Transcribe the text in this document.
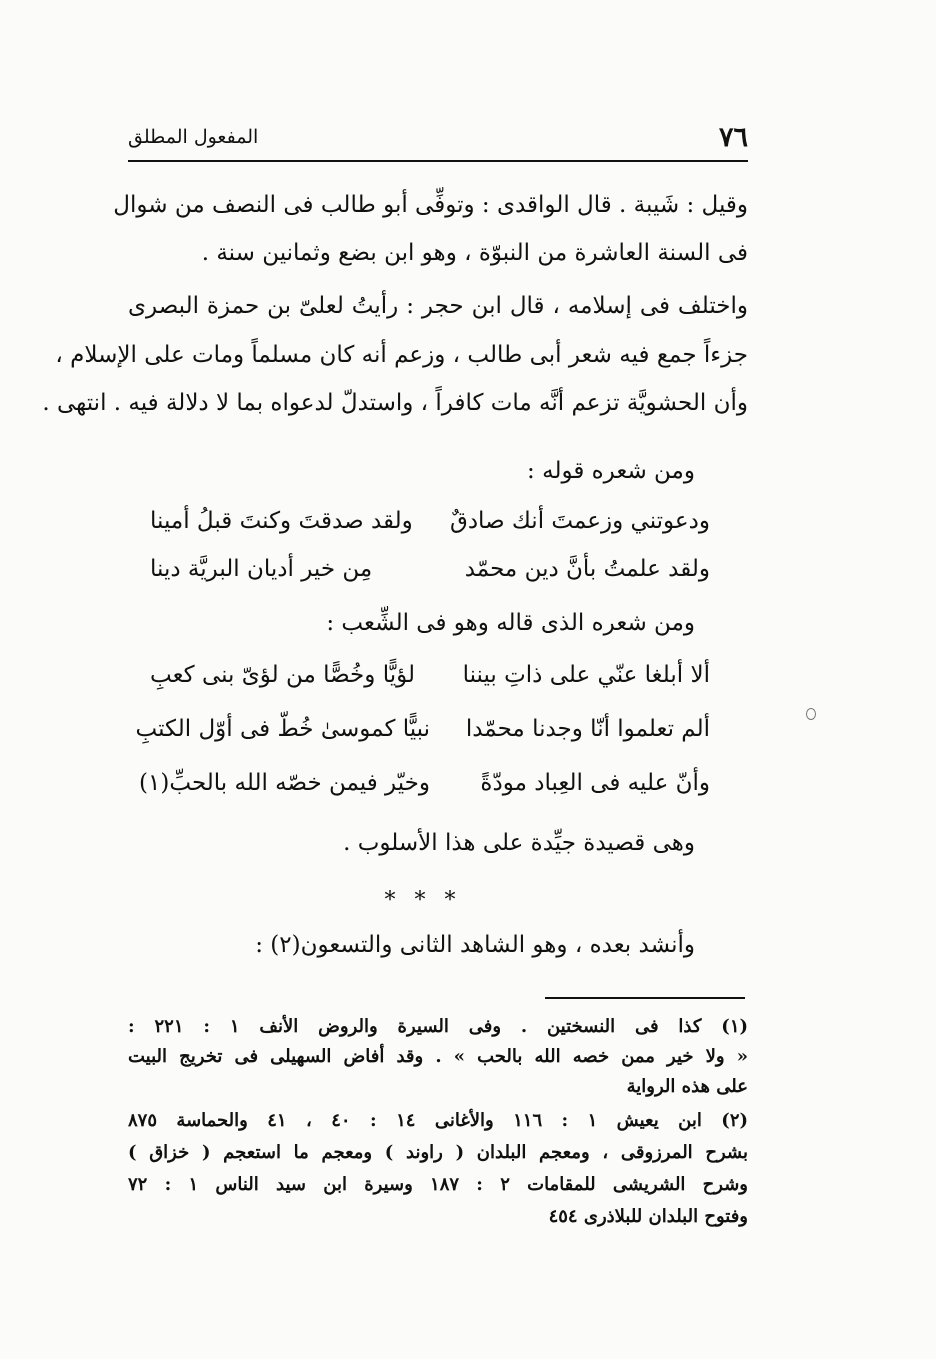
٧٦
المفعول المطلق
وقيل : شَيبة . قال الواقدى : وتوفِّى أبو طالب فى النصف من شوال
فى السنة العاشرة من النبوّة ، وهو ابن بضع وثمانين سنة .
واختلف فى إسلامه ، قال ابن حجر : رأيتُ لعلىّ بن حمزة البصرى
جزءاً جمع فيه شعر أبى طالب ، وزعم أنه كان مسلماً ومات على الإسلام ،
وأن الحشويَّة تزعم أنَّه مات كافراً ، واستدلّ لدعواه بما لا دلالة فيه . انتهى .
ومن شعره قوله :
ودعوتني وزعمتَ أنك صادقٌ
ولقد صدقتَ وكنتَ قبلُ أمينا
ولقد علمتُ بأنَّ دين محمّد
مِن خير أديان البريَّة دينا
ومن شعره الذى قاله وهو فى الشِّعب :
ألا أبلغا عنّي على ذاتِ بيننا
لؤيًّا وخُصًّا من لؤىّ بنى كعبِ
ألم تعلموا أنّا وجدنا محمّدا
نبيًّا كموسىٰ خُطّ فى أوّل الكتبِ
وأنّ عليه فى العِباد مودّةً
وخيّر فيمن خصّه الله بالحبِّ(١)
وهى قصيدة جيِّدة على هذا الأسلوب .
* * *
وأنشد بعده ، وهو الشاهد الثانى والتسعون(٢) :
(١) كذا فى النسختين . وفى السيرة والروض الأنف ١ : ٢٢١ :
« ولا خير ممن خصه الله بالحب » . وقد أفاض السهيلى فى تخريج البيت
على هذه الرواية
(٢) ابن يعيش ١ : ١١٦ والأغانى ١٤ : ٤٠ ، ٤١ والحماسة ٨٧٥
بشرح المرزوقى ، ومعجم البلدان ( راوند ) ومعجم ما استعجم ( خزاق )
وشرح الشريشى للمقامات ٢ : ١٨٧ وسيرة ابن سيد الناس ١ : ٧٢
وفتوح البلدان للبلاذرى ٤٥٤
